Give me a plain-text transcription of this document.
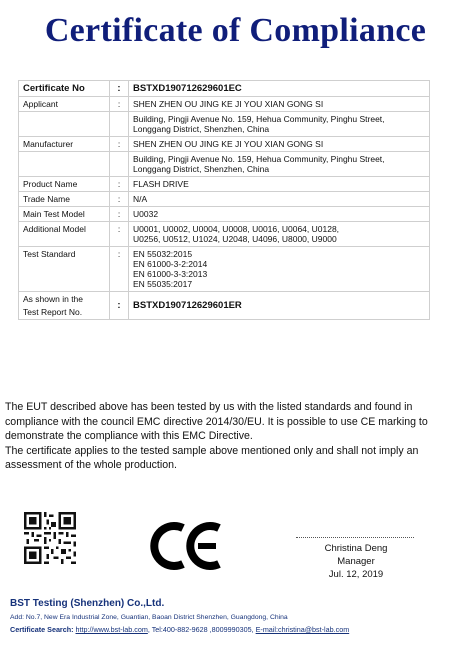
Certificate of Compliance
Certificate No	:	BSTXD190712629601EC
Applicant	:	SHEN ZHEN OU JING KE JI YOU XIAN GONG SI

		Building, Pingji Avenue No. 159, Hehua Community, Pinghu Street,
Longgang District, Shenzhen, China

Manufacturer	:	SHEN ZHEN OU JING KE JI YOU XIAN GONG SI

		Building, Pingji Avenue No. 159, Hehua Community, Pinghu Street,
Longgang District, Shenzhen, China

Product Name	:	FLASH DRIVE
Trade Name	:	N/A
Main Test Model	:	U0032
Additional Model	:	U0001, U0002, U0004, U0008, U0016, U0064, U0128,
U0256, U0512, U1024, U2048, U4096, U8000, U9000

Test Standard	:	EN 55032:2015
EN 61000-3-2:2014
EN 61000-3-3:2013
EN 55035:2017

As shown in the
Test Report No.	:	BSTXD190712629601ER

The EUT described above has been tested by us with the listed standards and found in compliance with the council EMC directive 2014/30/EU. It is possible to use CE marking to demonstrate the compliance with this EMC Directive.

The certificate applies to the tested sample above mentioned only and shall not imply an assessment of the whole production.

Christina Deng
Manager
Jul. 12, 2019
BST Testing (Shenzhen) Co.,Ltd.
Add: No.7, New Era Industrial Zone, Guantian, Baoan District Shenzhen, Guangdong, China
Certificate Search: http://www.bst-lab.com, Tel:400-882-9628 ,8009990305, E-mail:christina@bst-lab.com
